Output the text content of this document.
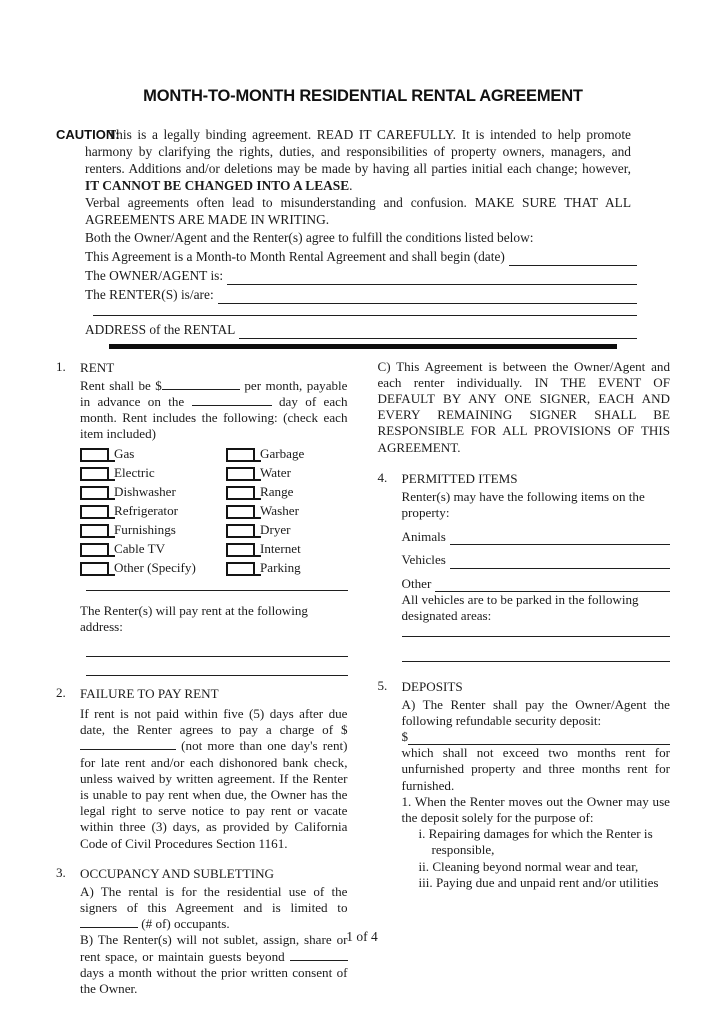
MONTH-TO-MONTH RESIDENTIAL RENTAL AGREEMENT
CAUTION:

This is a legally binding agreement. READ IT CAREFULLY. It is intended to help promote harmony by clarifying the rights, duties, and responsibilities of property owners, managers, and renters. Additions and/or deletions may be made by having all parties initial each change; however, IT CANNOT BE CHANGED INTO A LEASE.
Verbal agreements often lead to misunderstanding and confusion. MAKE SURE THAT ALL AGREEMENTS ARE MADE IN WRITING.

Both the Owner/Agent and the Renter(s) agree to fulfill the conditions listed below:

This Agreement is a Month-to Month Rental Agreement and shall begin (date)
The OWNER/AGENT is:
The RENTER(S) is/are:
ADDRESS of the RENTAL
1.	RENT

Rent shall be $	per month, payable in advance on the	day of each month. Rent includes the following: (check each item included)

Gas	Garbage
Electric	Water
Dishwasher	Range
Refrigerator	Washer
Furnishings	Dryer
Cable TV	Internet
Other (Specify)	Parking

The Renter(s) will pay rent at the following address:

2.	FAILURE TO PAY RENT

If rent is not paid within five (5) days after due date, the Renter agrees to pay a charge of $ (not more than one day's rent) for late rent and/or each dishonored bank check, unless waived by written agreement. If the Renter is unable to pay rent when due, the Owner has the legal right to serve notice to pay rent or vacate within three (3) days, as provided by California Code of Civil Procedures Section 1161.

3.	OCCUPANCY AND SUBLETTING

A) The rental is for the residential use of the signers of this Agreement and is limited to  (# of) occupants.

B) The Renter(s) will not sublet, assign, share or rent space, or maintain guests beyond  days a month without the prior written consent of the Owner.

C) This Agreement is between the Owner/Agent and each renter individually. IN THE EVENT OF DEFAULT BY ANY ONE SIGNER, EACH AND EVERY REMAINING SIGNER SHALL BE RESPONSIBLE FOR ALL PROVISIONS OF THIS AGREEMENT.

4.	PERMITTED ITEMS

Renter(s) may have the following items on the property:

Animals
Vehicles
Other

All vehicles are to be parked in the following designated areas:

5.	DEPOSITS

A) The Renter shall pay the Owner/Agent the following refundable security deposit:

$

which shall not exceed two months rent for unfurnished property and three months rent for furnished.

1. When the Renter moves out the Owner may use the deposit solely for the purpose of:

i. Repairing damages for which the Renter is responsible,
ii. Cleaning beyond normal wear and tear,
iii. Paying due and unpaid rent and/or utilities
1 of 4
